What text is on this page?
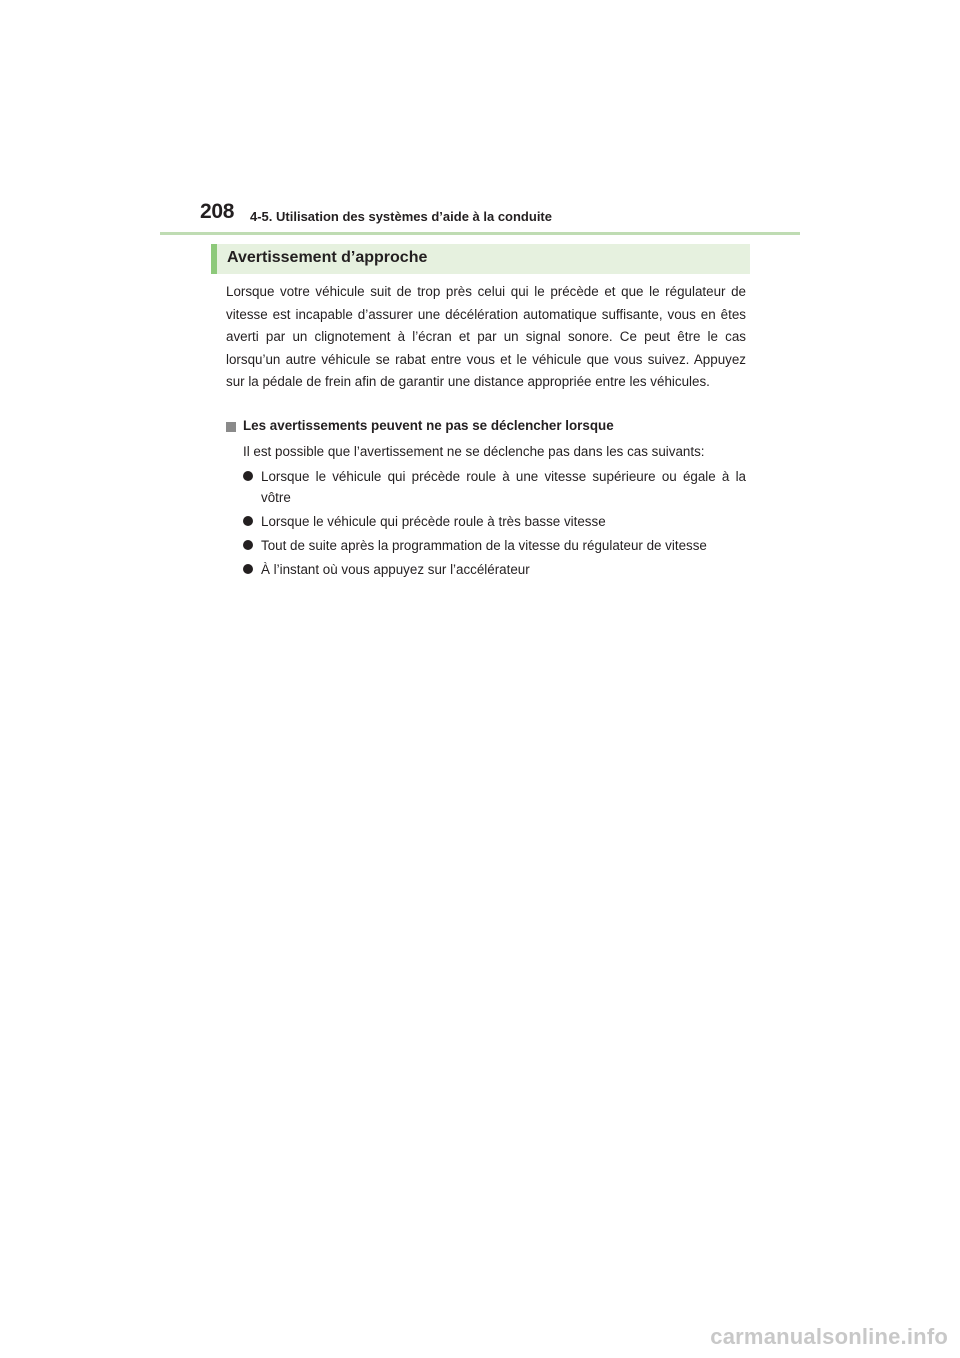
208 4-5. Utilisation des systèmes d’aide à la conduite
Avertissement d’approche

Lorsque votre véhicule suit de trop près celui qui le précède et que le régulateur de vitesse est incapable d’assurer une décélération automatique suffisante, vous en êtes averti par un clignotement à l’écran et par un signal sonore. Ce peut être le cas lorsqu’un autre véhicule se rabat entre vous et le véhicule que vous suivez. Appuyez sur la pédale de frein afin de garantir une distance appropriée entre les véhicules.

Les avertissements peuvent ne pas se déclencher lorsque
Il est possible que l’avertissement ne se déclenche pas dans les cas suivants:
Lorsque le véhicule qui précède roule à une vitesse supérieure ou égale à la vôtre
Lorsque le véhicule qui précède roule à très basse vitesse
Tout de suite après la programmation de la vitesse du régulateur de vitesse
À l’instant où vous appuyez sur l’accélérateur
carmanualsonline.info
